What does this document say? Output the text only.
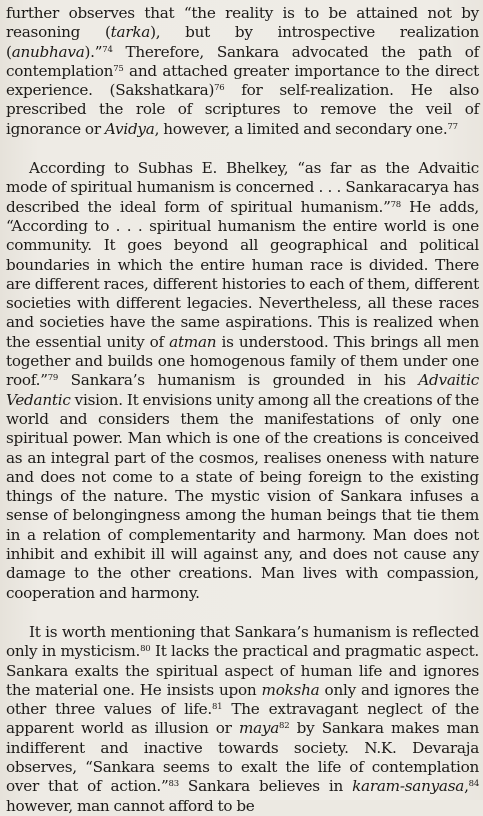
further observes that “the reality is to be attained not by reasoning (tarka), but by introspective realization (anubhava).”$^{74}$ Therefore, Sankara advocated the path of contemplation$^{75}$ and attached greater importance to the direct experience. (Sakshatkara)$^{76}$ for self-realization. He also prescribed the role of scriptures to remove the veil of ignorance or Avidya, however, a limited and secondary one.$^{77}$

According to Subhas E. Bhelkey, “as far as the Advaitic mode of spiritual humanism is concerned . . . Sankaracarya has described the ideal form of spiritual humanism.”$^{78}$ He adds, “According to . . . spiritual humanism the entire world is one community. It goes beyond all geographical and political boundaries in which the entire human race is divided. There are different races, different histories to each of them, different societies with different legacies. Nevertheless, all these races and societies have the same aspirations. This is realized when the essential unity of atman is understood. This brings all men together and builds one homogenous family of them under one roof.”$^{79}$ Sankara’s humanism is grounded in his Advaitic Vedantic vision. It envisions unity among all the creations of the world and considers them the manifestations of only one spiritual power. Man which is one of the creations is conceived as an integral part of the cosmos, realises oneness with nature and does not come to a state of being foreign to the existing things of the nature. The mystic vision of Sankara infuses a sense of belongingness among the human beings that tie them in a relation of complementarity and harmony. Man does not inhibit and exhibit ill will against any, and does not cause any damage to the other creations. Man lives with compassion, cooperation and harmony.

It is worth mentioning that Sankara’s humanism is reflected only in mysticism.$^{80}$ It lacks the practical and pragmatic aspect. Sankara exalts the spiritual aspect of human life and ignores the material one. He insists upon moksha only and ignores the other three values of life.$^{81}$ The extravagant neglect of the apparent world as illusion or maya$^{82}$ by Sankara makes man indifferent and inactive towards society. N.K. Devaraja observes, “Sankara seems to exalt the life of contemplation over that of action.”$^{83}$ Sankara believes in karam-sanyasa,$^{84}$ however, man cannot afford to be
